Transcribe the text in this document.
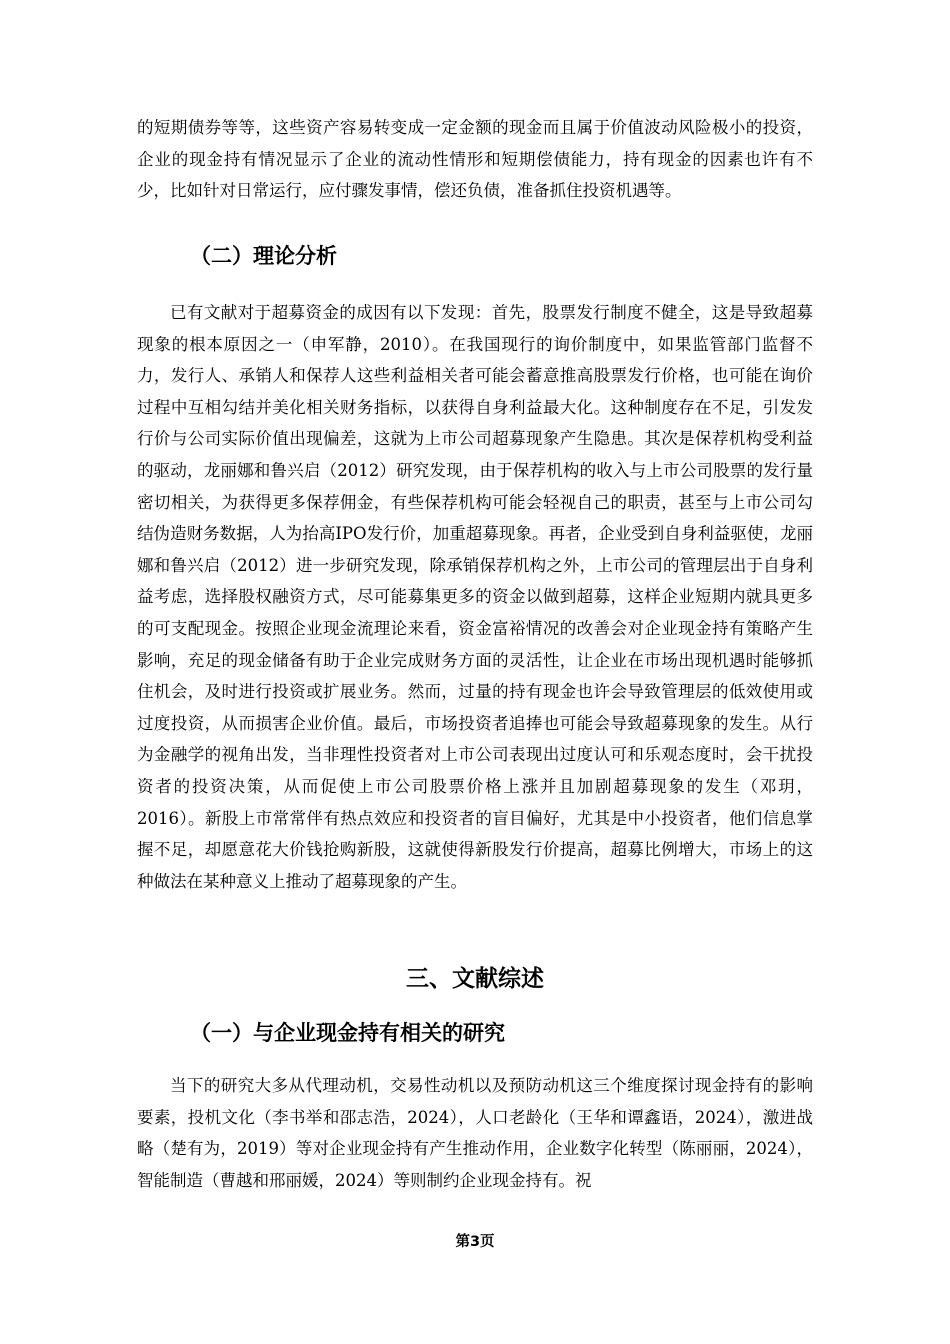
的短期债券等等，这些资产容易转变成一定金额的现金而且属于价值波动风险极小的投资，企业的现金持有情况显示了企业的流动性情形和短期偿债能力，持有现金的因素也许有不少，比如针对日常运行，应付骤发事情，偿还负债，准备抓住投资机遇等。

（二）理论分析

已有文献对于超募资金的成因有以下发现：首先，股票发行制度不健全，这是导致超募现象的根本原因之一（申军静，2010）。在我国现行的询价制度中，如果监管部门监督不力，发行人、承销人和保荐人这些利益相关者可能会蓄意推高股票发行价格，也可能在询价过程中互相勾结并美化相关财务指标，以获得自身利益最大化。这种制度存在不足，引发发行价与公司实际价值出现偏差，这就为上市公司超募现象产生隐患。其次是保荐机构受利益的驱动，龙丽娜和鲁兴启（2012）研究发现，由于保荐机构的收入与上市公司股票的发行量密切相关，为获得更多保荐佣金，有些保荐机构可能会轻视自己的职责，甚至与上市公司勾结伪造财务数据，人为抬高IPO发行价，加重超募现象。再者，企业受到自身利益驱使，龙丽娜和鲁兴启（2012）进一步研究发现，除承销保荐机构之外，上市公司的管理层出于自身利益考虑，选择股权融资方式，尽可能募集更多的资金以做到超募，这样企业短期内就具更多的可支配现金。按照企业现金流理论来看，资金富裕情况的改善会对企业现金持有策略产生影响，充足的现金储备有助于企业完成财务方面的灵活性，让企业在市场出现机遇时能够抓住机会，及时进行投资或扩展业务。然而，过量的持有现金也许会导致管理层的低效使用或过度投资，从而损害企业价值。最后，市场投资者追捧也可能会导致超募现象的发生。从行为金融学的视角出发，当非理性投资者对上市公司表现出过度认可和乐观态度时，会干扰投资者的投资决策，从而促使上市公司股票价格上涨并且加剧超募现象的发生（邓玥，2016）。新股上市常常伴有热点效应和投资者的盲目偏好，尤其是中小投资者，他们信息掌握不足，却愿意花大价钱抢购新股，这就使得新股发行价提高，超募比例增大，市场上的这种做法在某种意义上推动了超募现象的产生。

三、文献综述
（一）与企业现金持有相关的研究

当下的研究大多从代理动机，交易性动机以及预防动机这三个维度探讨现金持有的影响要素，投机文化（李书举和邵志浩，2024），人口老龄化（王华和谭鑫语，2024），激进战略（楚有为，2019）等对企业现金持有产生推动作用，企业数字化转型（陈丽丽，2024），智能制造（曹越和邢丽媛，2024）等则制约企业现金持有。祝

第3页
